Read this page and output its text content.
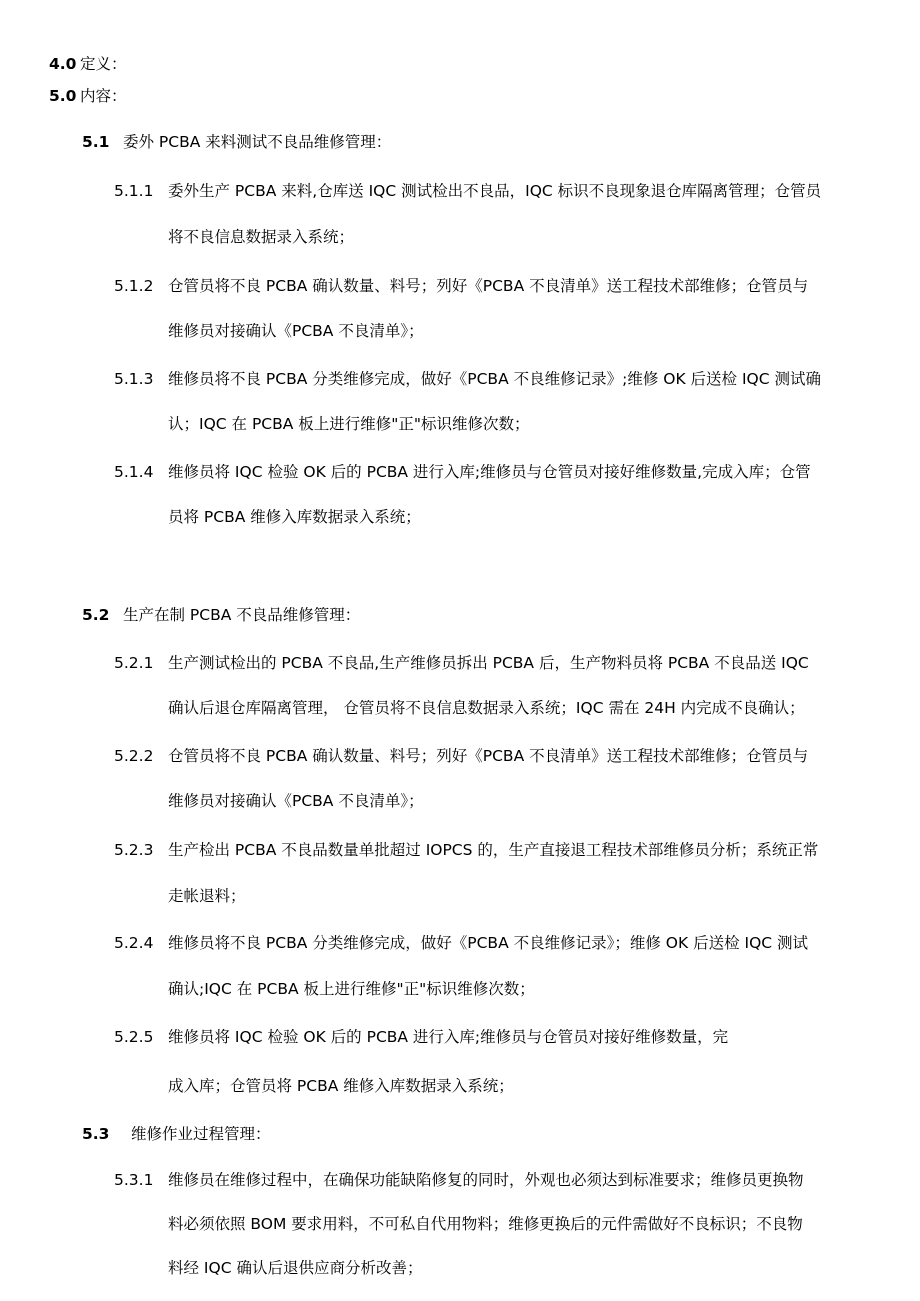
4.0 定义：
5.0 内容：
5.1 委外 PCBA 来料测试不良品维修管理：
5.1.1 委外生产 PCBA 来料,仓库送 IQC 测试检出不良品，IQC 标识不良现象退仓库隔离管理；仓管员
将不良信息数据录入系统；
5.1.2 仓管员将不良 PCBA 确认数量、料号；列好《PCBA 不良清单》送工程技术部维修；仓管员与
维修员对接确认《PCBA 不良清单》；
5.1.3 维修员将不良 PCBA 分类维修完成，做好《PCBA 不良维修记录》;维修 OK 后送检 IQC 测试确
认；IQC 在 PCBA 板上进行维修"正"标识维修次数；
5.1.4 维修员将 IQC 检验 OK 后的 PCBA 进行入库;维修员与仓管员对接好维修数量,完成入库；仓管
员将 PCBA 维修入库数据录入系统；
5.2 生产在制 PCBA 不良品维修管理：
5.2.1 生产测试检出的 PCBA 不良品,生产维修员拆出 PCBA 后，生产物料员将 PCBA 不良品送 IQC
确认后退仓库隔离管理， 仓管员将不良信息数据录入系统；IQC 需在 24H 内完成不良确认；
5.2.2 仓管员将不良 PCBA 确认数量、料号；列好《PCBA 不良清单》送工程技术部维修；仓管员与
维修员对接确认《PCBA 不良清单》；
5.2.3 生产检出 PCBA 不良品数量单批超过 IOPCS 的，生产直接退工程技术部维修员分析；系统正常
走帐退料；
5.2.4 维修员将不良 PCBA 分类维修完成，做好《PCBA 不良维修记录》；维修 OK 后送检 IQC 测试
确认;IQC 在 PCBA 板上进行维修"正"标识维修次数；
5.2.5 维修员将 IQC 检验 OK 后的 PCBA 进行入库;维修员与仓管员对接好维修数量，完
成入库；仓管员将 PCBA 维修入库数据录入系统；
5.3 维修作业过程管理：
5.3.1 维修员在维修过程中，在确保功能缺陷修复的同时，外观也必须达到标准要求；维修员更换物
料必须依照 BOM 要求用料，不可私自代用物料；维修更换后的元件需做好不良标识；不良物
料经 IQC 确认后退供应商分析改善；
